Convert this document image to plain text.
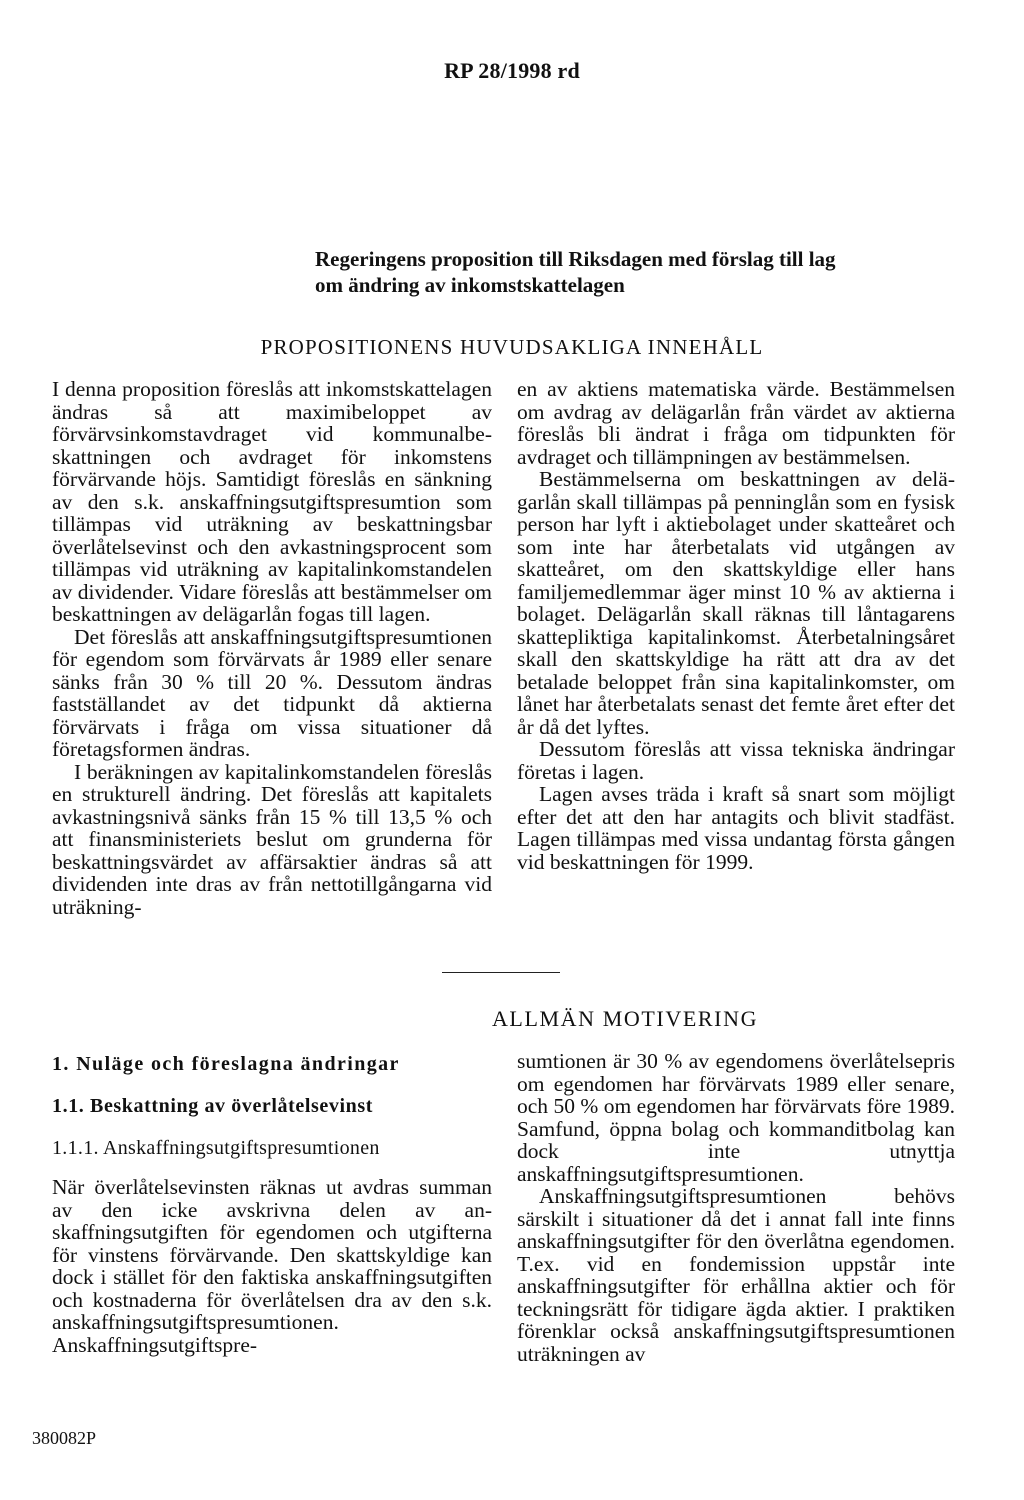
RP 28/1998 rd
Regeringens proposition till Riksdagen med förslag till lag
om ändring av inkomstskattelagen
PROPOSITIONENS HUVUDSAKLIGA INNEHÅLL

I denna proposition föreslås att inkomstskattelagen ändras så att maximibeloppet av förvärvsinkomstavdraget vid kommunalbeskattningen och avdraget för inkomstens förvärvande höjs. Samtidigt föreslås en sänkning av den s.k. anskaffningsutgiftspresumtion som tillämpas vid uträkning av beskattningsbar överlåtelsevinst och den avkastningsprocent som tillämpas vid uträkning av kapitalinkomstandelen av dividender. Vidare föreslås att bestämmelser om beskattningen av delägarlån fogas till lagen.

Det föreslås att anskaffningsutgiftspresumtionen för egendom som förvärvats år 1989 eller senare sänks från 30 % till 20 %. Dessutom ändras fastställandet av det tidpunkt då aktierna förvärvats i fråga om vissa situationer då företagsformen ändras.

I beräkningen av kapitalinkomstandelen föreslås en strukturell ändring. Det föreslås att kapitalets avkastningsnivå sänks från 15 % till 13,5 % och att finansministeriets beslut om grunderna för beskattningsvärdet av affärsaktier ändras så att dividenden inte dras av från nettotillgångarna vid uträkning-

en av aktiens matematiska värde. Bestämmelsen om avdrag av delägarlån från värdet av aktierna föreslås bli ändrat i fråga om tidpunkten för avdraget och tillämpningen av bestämmelsen.

Bestämmelserna om beskattningen av delägarlån skall tillämpas på penninglån som en fysisk person har lyft i aktiebolaget under skatteåret och som inte har återbetalats vid utgången av skatteåret, om den skattskyldige eller hans familjemedlemmar äger minst 10 % av aktierna i bolaget. Delägarlån skall räknas till låntagarens skattepliktiga kapitalinkomst. Återbetalningsåret skall den skattskyldige ha rätt att dra av det betalade beloppet från sina kapitalinkomster, om lånet har återbetalats senast det femte året efter det år då det lyftes.

Dessutom föreslås att vissa tekniska ändringar företas i lagen.

Lagen avses träda i kraft så snart som möjligt efter det att den har antagits och blivit stadfäst. Lagen tillämpas med vissa undantag första gången vid beskattningen för 1999.

ALLMÄN MOTIVERING
1. Nuläge och föreslagna ändringar
1.1. Beskattning av överlåtelsevinst
1.1.1. Anskaffningsutgiftspresumtionen

När överlåtelsevinsten räknas ut avdras summan av den icke avskrivna delen av anskaffningsutgiften för egendomen och utgifterna för vinstens förvärvande. Den skattskyldige kan dock i stället för den faktiska anskaffningsutgiften och kostnaderna för överlåtelsen dra av den s.k. anskaffningsutgiftspresumtionen. Anskaffningsutgiftspre-

sumtionen är 30 % av egendomens överlåtelsepris om egendomen har förvärvats 1989 eller senare, och 50 % om egendomen har förvärvats före 1989. Samfund, öppna bolag och kommanditbolag kan dock inte utnyttja anskaffningsutgiftspresumtionen.

Anskaffningsutgiftspresumtionen behövs särskilt i situationer då det i annat fall inte finns anskaffningsutgifter för den överlåtna egendomen. T.ex. vid en fondemission uppstår inte anskaffningsutgifter för erhållna aktier och för teckningsrätt för tidigare ägda aktier. I praktiken förenklar också anskaffningsutgiftspresumtionen uträkningen av

380082P
